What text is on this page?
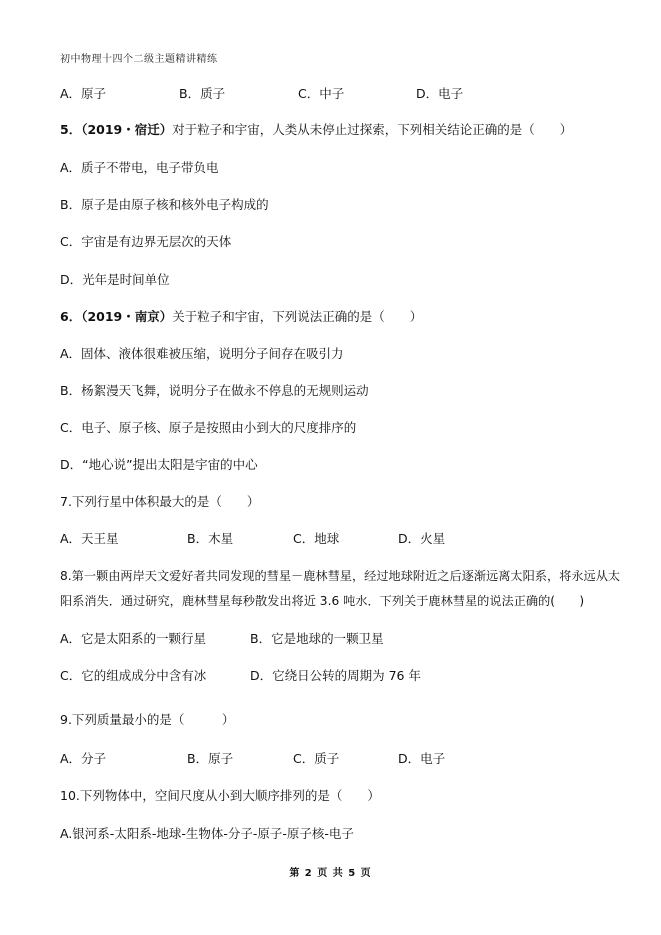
初中物理十四个二级主题精讲精练
A．原子	B．质子	C．中子	D．电子
5．（2019・宿迁）对于粒子和宇宙，人类从未停止过探索，下列相关结论正确的是（　　）
A．质子不带电，电子带负电
B．原子是由原子核和核外电子构成的
C．宇宙是有边界无层次的天体
D．光年是时间单位
6．（2019・南京）关于粒子和宇宙，下列说法正确的是（　　）
A．固体、液体很难被压缩，说明分子间存在吸引力
B．杨絮漫天飞舞，说明分子在做永不停息的无规则运动
C．电子、原子核、原子是按照由小到大的尺度排序的
D．“地心说”提出太阳是宇宙的中心
7.下列行星中体积最大的是（　　）
A．天王星	B．木星	C．地球	D．火星
8.第一颗由两岸天文爱好者共同发现的彗星－鹿林彗星，经过地球附近之后逐渐远离太阳系，将永远从太
阳系消失．通过研究，鹿林彗星每秒散发出将近 3.6 吨水．下列关于鹿林彗星的说法正确的(　　)
A．它是太阳系的一颗行星	B．它是地球的一颗卫星
C．它的组成成分中含有冰	D．它绕日公转的周期为 76 年
9.下列质量最小的是（　　　）
A．分子	B．原子	C．质子	D．电子
10.下列物体中，空间尺度从小到大顺序排列的是（　　）
A.银河系-太阳系-地球-生物体-分子-原子-原子核-电子
第 2 页 共 5 页
